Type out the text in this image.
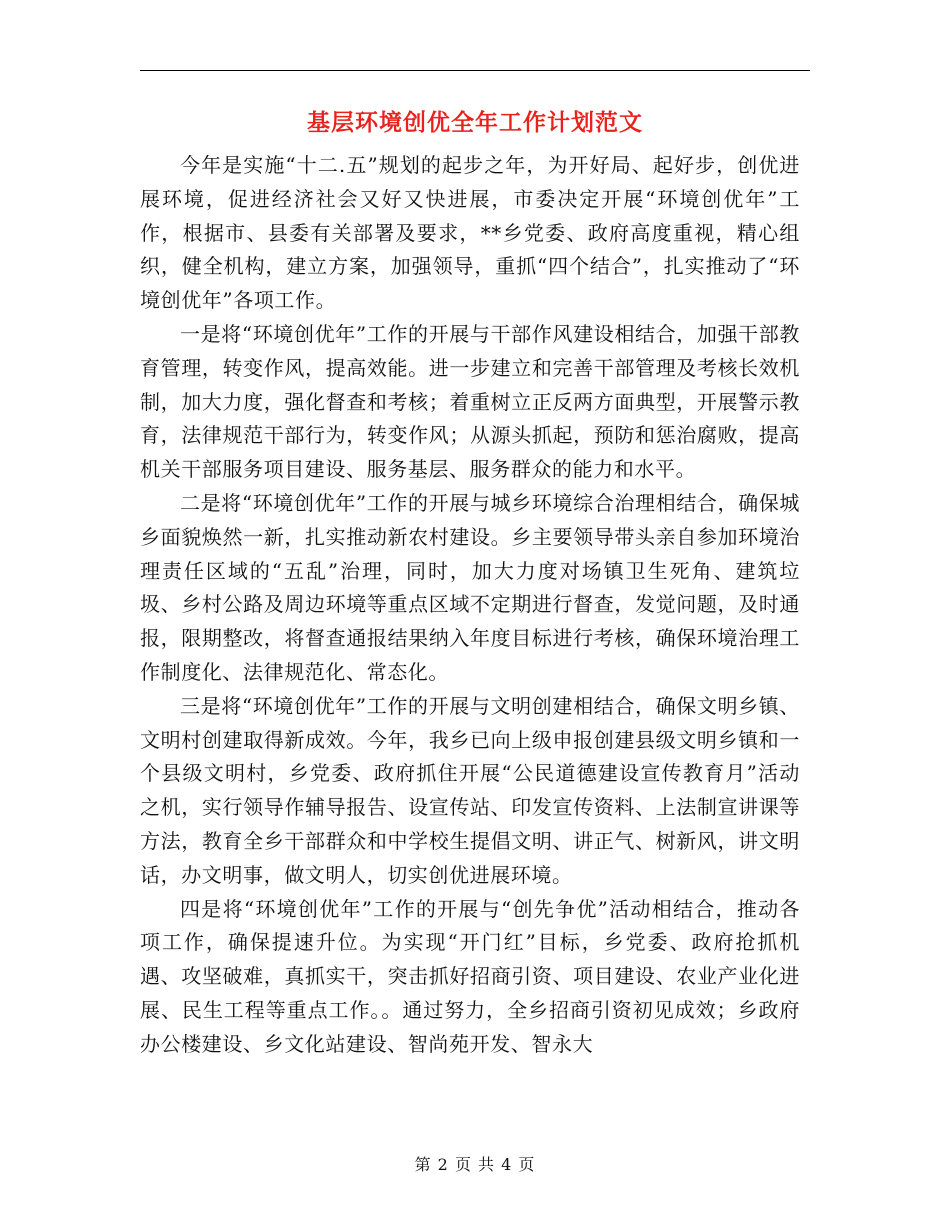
基层环境创优全年工作计划范文

今年是实施“十二.五”规划的起步之年，为开好局、起好步，创优进展环境，促进经济社会又好又快进展，市委决定开展“环境创优年”工作，根据市、县委有关部署及要求，**乡党委、政府高度重视，精心组织，健全机构，建立方案，加强领导，重抓“四个结合”，扎实推动了“环境创优年”各项工作。

一是将“环境创优年”工作的开展与干部作风建设相结合，加强干部教育管理，转变作风，提高效能。进一步建立和完善干部管理及考核长效机制，加大力度，强化督查和考核；着重树立正反两方面典型，开展警示教育，法律规范干部行为，转变作风；从源头抓起，预防和惩治腐败，提高机关干部服务项目建设、服务基层、服务群众的能力和水平。

二是将“环境创优年”工作的开展与城乡环境综合治理相结合，确保城乡面貌焕然一新，扎实推动新农村建设。乡主要领导带头亲自参加环境治理责任区域的“五乱”治理，同时，加大力度对场镇卫生死角、建筑垃圾、乡村公路及周边环境等重点区域不定期进行督查，发觉问题，及时通报，限期整改，将督查通报结果纳入年度目标进行考核，确保环境治理工作制度化、法律规范化、常态化。

三是将“环境创优年”工作的开展与文明创建相结合，确保文明乡镇、文明村创建取得新成效。今年，我乡已向上级申报创建县级文明乡镇和一个县级文明村，乡党委、政府抓住开展“公民道德建设宣传教育月”活动之机，实行领导作辅导报告、设宣传站、印发宣传资料、上法制宣讲课等方法，教育全乡干部群众和中学校生提倡文明、讲正气、树新风，讲文明话，办文明事，做文明人，切实创优进展环境。

四是将“环境创优年”工作的开展与“创先争优”活动相结合，推动各项工作，确保提速升位。为实现“开门红”目标，乡党委、政府抢抓机遇、攻坚破难，真抓实干，突击抓好招商引资、项目建设、农业产业化进展、民生工程等重点工作。。通过努力，全乡招商引资初见成效；乡政府办公楼建设、乡文化站建设、智尚苑开发、智永大

第 2 页 共 4 页
